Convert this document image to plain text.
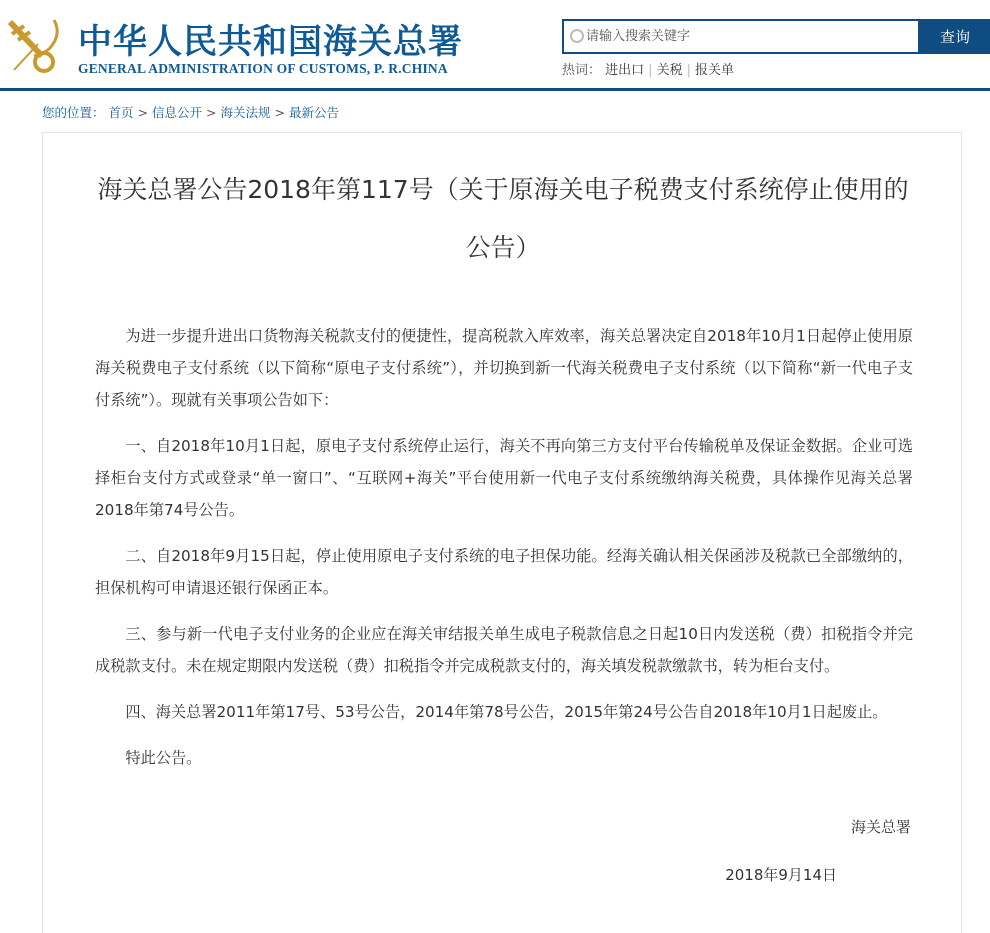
中华人民共和国海关总署
GENERAL ADMINISTRATION OF CUSTOMS, P. R.CHINA
请输入搜索关键字
查询
热词： 进出口 | 关税 | 报关单
您的位置： 首页 > 信息公开 > 海关法规 > 最新公告
海关总署公告2018年第117号（关于原海关电子税费支付系统停止使用的公告）

为进一步提升进出口货物海关税款支付的便捷性，提高税款入库效率，海关总署决定自2018年10月1日起停止使用原海关税费电子支付系统（以下简称“原电子支付系统”），并切换到新一代海关税费电子支付系统（以下简称“新一代电子支付系统”）。现就有关事项公告如下：

一、自2018年10月1日起，原电子支付系统停止运行，海关不再向第三方支付平台传输税单及保证金数据。企业可选择柜台支付方式或登录“单一窗口”、“互联网+海关”平台使用新一代电子支付系统缴纳海关税费，具体操作见海关总署2018年第74号公告。

二、自2018年9月15日起，停止使用原电子支付系统的电子担保功能。经海关确认相关保函涉及税款已全部缴纳的，担保机构可申请退还银行保函正本。

三、参与新一代电子支付业务的企业应在海关审结报关单生成电子税款信息之日起10日内发送税（费）扣税指令并完成税款支付。未在规定期限内发送税（费）扣税指令并完成税款支付的，海关填发税款缴款书，转为柜台支付。

四、海关总署2011年第17号、53号公告，2014年第78号公告，2015年第24号公告自2018年10月1日起废止。

特此公告。

海关总署
2018年9月14日
